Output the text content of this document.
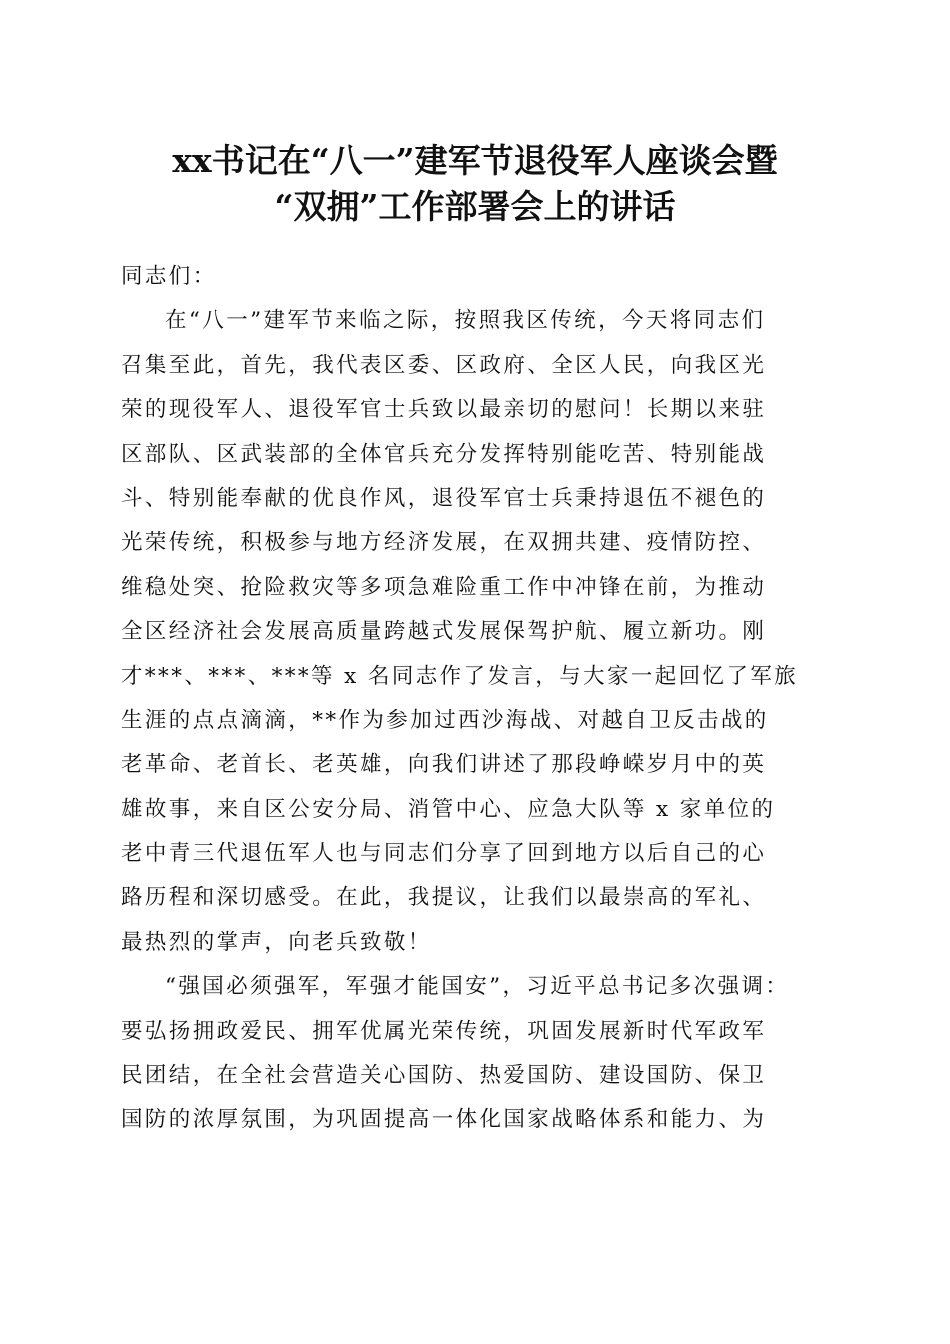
xx书记在“八一”建军节退役军人座谈会暨
“双拥”工作部署会上的讲话
同志们：
在“八一”建军节来临之际，按照我区传统，今天将同志们
召集至此，首先，我代表区委、区政府、全区人民，向我区光
荣的现役军人、退役军官士兵致以最亲切的慰问！长期以来驻
区部队、区武装部的全体官兵充分发挥特别能吃苦、特别能战
斗、特别能奉献的优良作风，退役军官士兵秉持退伍不褪色的
光荣传统，积极参与地方经济发展，在双拥共建、疫情防控、
维稳处突、抢险救灾等多项急难险重工作中冲锋在前，为推动
全区经济社会发展高质量跨越式发展保驾护航、履立新功。刚
才***、***、***等 x 名同志作了发言，与大家一起回忆了军旅
生涯的点点滴滴，**作为参加过西沙海战、对越自卫反击战的
老革命、老首长、老英雄，向我们讲述了那段峥嵘岁月中的英
雄故事，来自区公安分局、消管中心、应急大队等 x 家单位的
老中青三代退伍军人也与同志们分享了回到地方以后自己的心
路历程和深切感受。在此，我提议，让我们以最崇高的军礼、
最热烈的掌声，向老兵致敬！
“强国必须强军，军强才能国安”，习近平总书记多次强调：
要弘扬拥政爱民、拥军优属光荣传统，巩固发展新时代军政军
民团结，在全社会营造关心国防、热爱国防、建设国防、保卫
国防的浓厚氛围，为巩固提高一体化国家战略体系和能力、为
